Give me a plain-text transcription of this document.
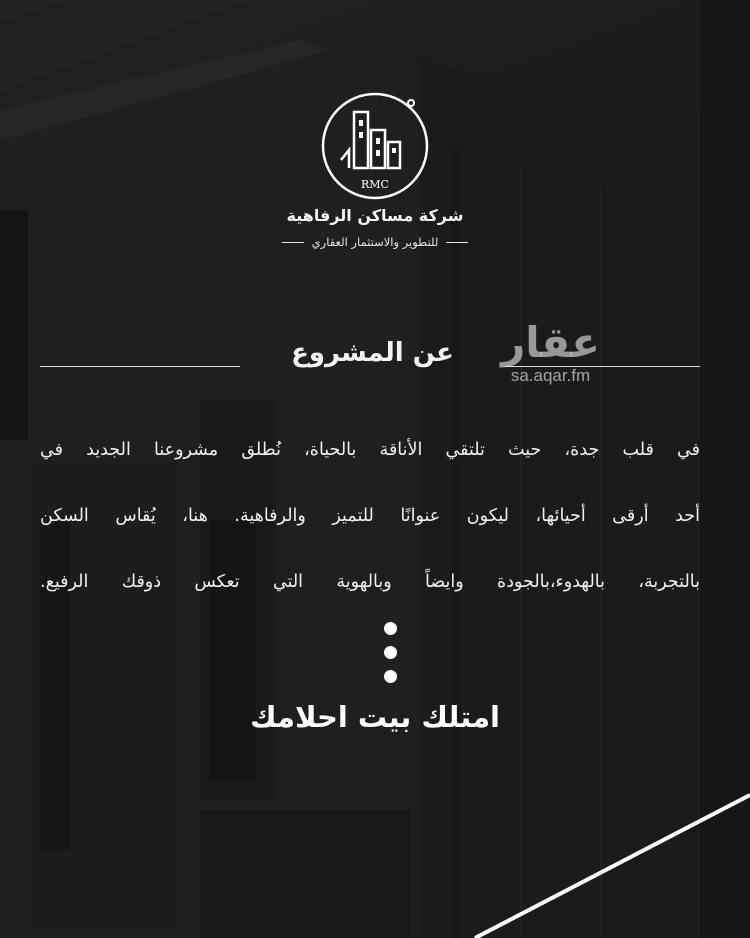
RMC
شركة مساكن الرفاهية
للتطوير والاستثمار العقاري
عن المشروع	عقار
sa.aqar.fm
في قلب جدة، حيث تلتقي الأناقة بالحياة، نُطلق مشروعنا الجديد في
أحد أرقى أحيائها، ليكون عنوانًا للتميز والرفاهية. هنا، يُقاس السكن
بالتجربة، بالهدوء،بالجودة وايضاً وبالهوية التي تعكس ذوقك الرفيع.
امتلك بيت احلامك
